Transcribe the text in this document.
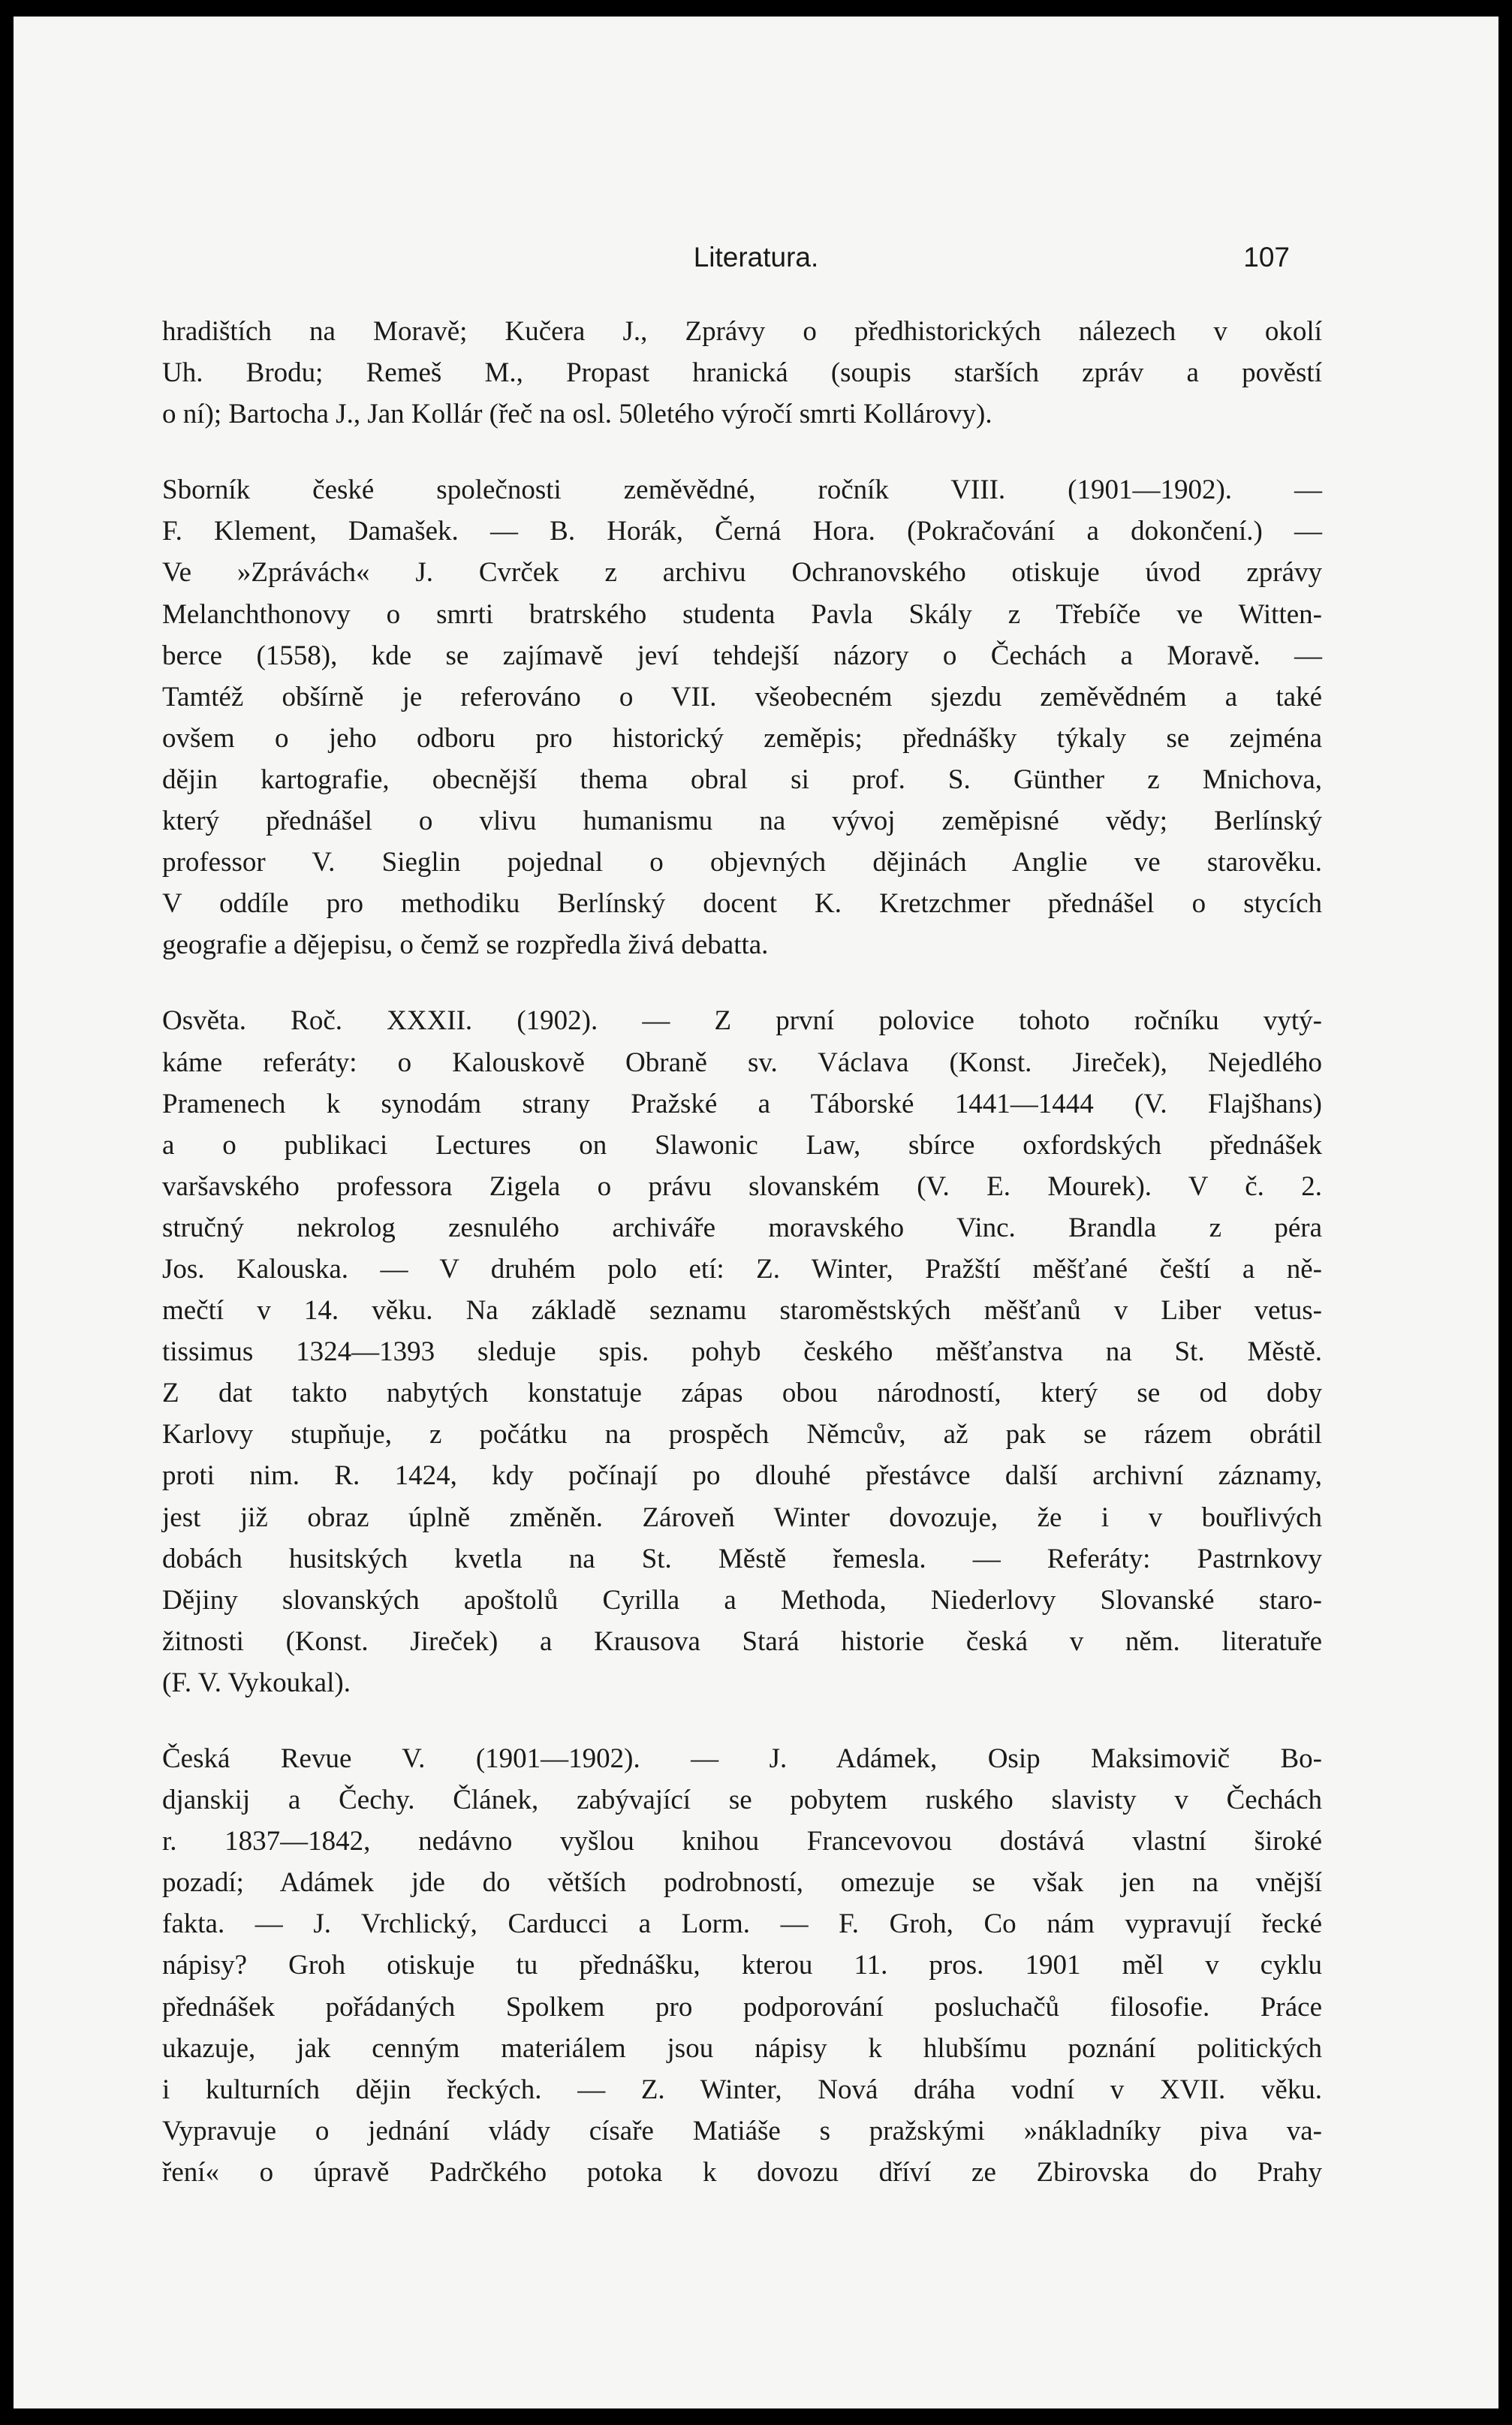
Literatura.	107

hradištích na Moravě; Kučera J., Zprávy o předhistorických nálezech v okolí
Uh. Brodu; Remeš M., Propast hranická (soupis starších zpráv a pověstí
o ní); Bartocha J., Jan Kollár (řeč na osl. 50letého výročí smrti Kollárovy).

Sborník české společnosti zeměvědné, ročník VIII. (1901—1902). —
F. Klement, Damašek. — B. Horák, Černá Hora. (Pokračování a dokončení.) —
Ve »Zprávách« J. Cvrček z archivu Ochranovského otiskuje úvod zprávy
Melanchthonovy o smrti bratrského studenta Pavla Skály z Třebíče ve Witten-
berce (1558), kde se zajímavě jeví tehdejší názory o Čechách a Moravě. —
Tamtéž obšírně je referováno o VII. všeobecném sjezdu zeměvědném a také
ovšem o jeho odboru pro historický zeměpis; přednášky týkaly se zejména
dějin kartografie, obecnější thema obral si prof. S. Günther z Mnichova,
který přednášel o vlivu humanismu na vývoj zeměpisné vědy; Berlínský
professor V. Sieglin pojednal o objevných dějinách Anglie ve starověku.
V oddíle pro methodiku Berlínský docent K. Kretzchmer přednášel o stycích
geografie a dějepisu, o čemž se rozpředla živá debatta.

Osvěta. Roč. XXXII. (1902). — Z první polovice tohoto ročníku vytý-
káme referáty: o Kalouskově Obraně sv. Václava (Konst. Jireček), Nejedlého
Pramenech k synodám strany Pražské a Táborské 1441—1444 (V. Flajšhans)
a o publikaci Lectures on Slawonic Law, sbírce oxfordských přednášek
varšavského professora Zigela o právu slovanském (V. E. Mourek). V č. 2.
stručný nekrolog zesnulého archiváře moravského Vinc. Brandla z péra
Jos. Kalouska. — V druhém polo etí: Z. Winter, Pražští měšťané čeští a ně-
mečtí v 14. věku. Na základě seznamu staroměstských měšťanů v Liber vetus-
tissimus 1324—1393 sleduje spis. pohyb českého měšťanstva na St. Městě.
Z dat takto nabytých konstatuje zápas obou národností, který se od doby
Karlovy stupňuje, z počátku na prospěch Němcův, až pak se rázem obrátil
proti nim. R. 1424, kdy počínají po dlouhé přestávce další archivní záznamy,
jest již obraz úplně změněn. Zároveň Winter dovozuje, že i v bouřlivých
dobách husitských kvetla na St. Městě řemesla. — Referáty: Pastrnkovy
Dějiny slovanských apoštolů Cyrilla a Methoda, Niederlovy Slovanské staro-
žitnosti (Konst. Jireček) a Krausova Stará historie česká v něm. literatuře
(F. V. Vykoukal).

Česká Revue V. (1901—1902). — J. Adámek, Osip Maksimovič Bo-
djanskij a Čechy. Článek, zabývající se pobytem ruského slavisty v Čechách
r. 1837—1842, nedávno vyšlou knihou Francevovou dostává vlastní široké
pozadí; Adámek jde do větších podrobností, omezuje se však jen na vnější
fakta. — J. Vrchlický, Carducci a Lorm. — F. Groh, Co nám vypravují řecké
nápisy? Groh otiskuje tu přednášku, kterou 11. pros. 1901 měl v cyklu
přednášek pořádaných Spolkem pro podporování posluchačů filosofie. Práce
ukazuje, jak cenným materiálem jsou nápisy k hlubšímu poznání politických
i kulturních dějin řeckých. — Z. Winter, Nová dráha vodní v XVII. věku.
Vypravuje o jednání vlády císaře Matiáše s pražskými »nákladníky piva va-
ření« o úpravě Padrčkého potoka k dovozu dříví ze Zbirovska do Prahy
